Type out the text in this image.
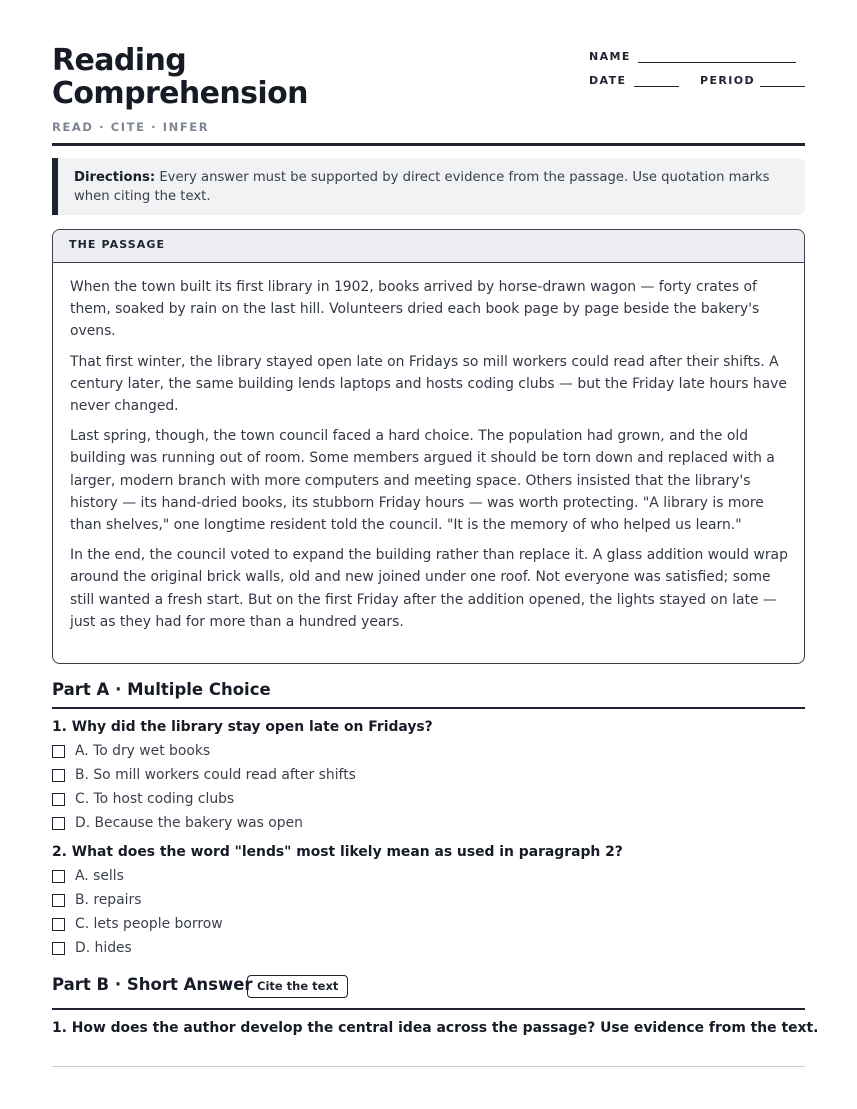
Reading Comprehension
READ · CITE · INFER
NAME
DATE	PERIOD
Directions: Every answer must be supported by direct evidence from the passage. Use quotation marks when citing the text.
THE PASSAGE

When the town built its first library in 1902, books arrived by horse-drawn wagon — forty crates of them, soaked by rain on the last hill. Volunteers dried each book page by page beside the bakery's ovens.

That first winter, the library stayed open late on Fridays so mill workers could read after their shifts. A century later, the same building lends laptops and hosts coding clubs — but the Friday late hours have never changed.

Last spring, though, the town council faced a hard choice. The population had grown, and the old building was running out of room. Some members argued it should be torn down and replaced with a larger, modern branch with more computers and meeting space. Others insisted that the library's history — its hand-dried books, its stubborn Friday hours — was worth protecting. "A library is more than shelves," one longtime resident told the council. "It is the memory of who helped us learn."

In the end, the council voted to expand the building rather than replace it. A glass addition would wrap around the original brick walls, old and new joined under one roof. Not everyone was satisfied; some still wanted a fresh start. But on the first Friday after the addition opened, the lights stayed on late — just as they had for more than a hundred years.

Part A · Multiple Choice
1. Why did the library stay open late on Fridays?
A. To dry wet books
B. So mill workers could read after shifts
C. To host coding clubs
D. Because the bakery was open
2. What does the word "lends" most likely mean as used in paragraph 2?
A. sells
B. repairs
C. lets people borrow
D. hides
Part B · Short Answer Cite the text
1. How does the author develop the central idea across the passage? Use evidence from the text.
